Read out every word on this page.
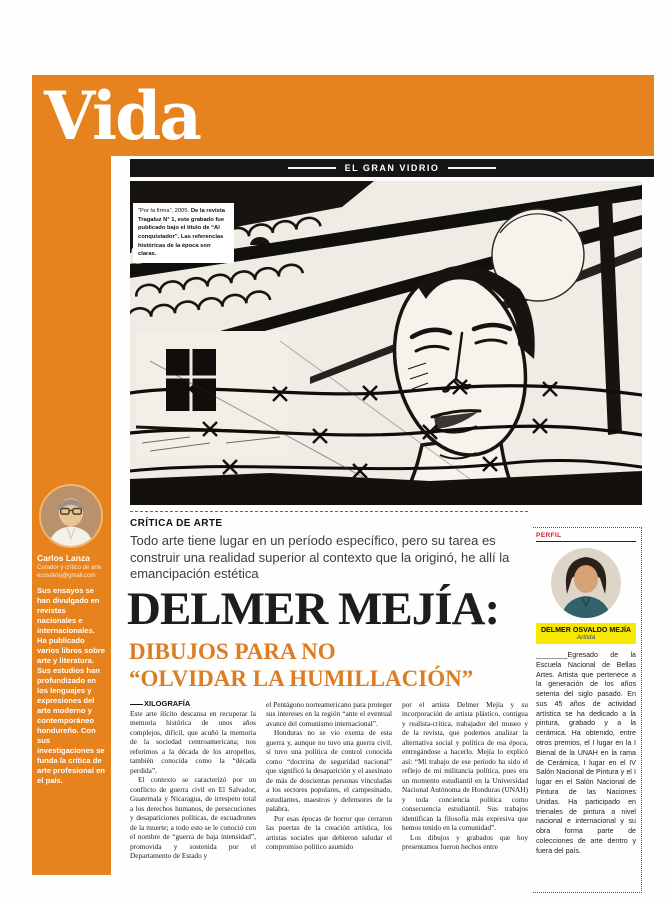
Vida
EL GRAN VIDRIO
“Por la firma”, 2005. De la revista Tragaluz N° 1, este grabado fue publicado bajo el título de “Al conquistador”. Las referencias históricas de la época son claras.
Carlos Lanza
Curador y crítico de arte
ecosdelsj@gmail.com
Sus ensayos se han divulgado en revistas nacionales e internacionales. Ha publicado varios libros sobre arte y literatura. Sus estudios han profundizado en los lenguajes y expresiones del arte moderno y contemporáneo hondureño. Con sus investigaciones se funda la crítica de arte profesional en el país.
CRÍTICA DE ARTE
Todo arte tiene lugar en un período específico, pero su tarea es construir una realidad superior al contexto que la originó, he allí la emancipación estética
DELMER MEJÍA:
DIBUJOS PARA NO
“OLVIDAR LA HUMILLACIÓN”
XILOGRAFÍA

Este arte ilícito descansa en recuperar la memoria histórica de unos años complejos, difícil, que acuñó la memoria de la sociedad centroamericana; nos referimos a la década de los atropellos, también conocida como la “década perdida”.

El contexto se caracterizó por un conflicto de guerra civil en El Salvador, Guatemala y Nicaragua, de irrespeto total a los derechos humanos, de persecuciones y desapariciones políticas, de escuadrones de la muerte; a todo esto se le conoció con el nombre de “guerra de baja intensidad”, promovida y sostenida por el Departamento de Estado y

el Pentágono norteamericano para proteger sus intereses en la región “ante el eventual avance del comunismo internacional”.

Honduras no se vio exenta de esta guerra y, aunque no tuvo una guerra civil, sí tuvo una política de control conocida como “doctrina de seguridad nacional” que significó la desaparición y el asesinato de más de doscientas personas vinculadas a los sectores populares, el campesinado, estudiantes, maestros y defensores de la palabra.

Por esas épocas de horror que cerraron las puertas de la creación artística, los artistas sociales que debieron saludar el compromiso político asumido

por el artista Delmer Mejía y su incorporación de artista plástico, contigua y realista-crítica, trabajador del museo y de la revista, que podemos analizar la alternativa social y política de esa época, entregándose a hacerlo. Mejía lo explicó así: “Mi trabajo de ese período ha sido el reflejo de mi militancia política, pues era un momento estudiantil en la Universidad Nacional Autónoma de Honduras (UNAH) y toda conciencia política como consecuencia estudiantil. Sus trabajos identifican la filosofía más expresiva que hemos tenido en la comunidad”.

Los dibujos y grabados que hoy presentamos fueron hechos entre

PERFIL
DELMER OSVALDO MEJÍA
Artista
________Egresado de la Escuela Nacional de Bellas Artes. Artista que pertenece a la generación de los años setenta del siglo pasado. En sus 45 años de actividad artística se ha dedicado a la pintura, grabado y a la cerámica. Ha obtenido, entre otros premios, el I lugar en la I Bienal de la UNAH en la rama de Cerámica, I lugar en el IV Salón Nacional de Pintura y el I lugar en el Salón Nacional de Pintura de las Naciones Unidas. Ha participado en trienales de pintura a nivel nacional e internacional y su obra forma parte de colecciones de arte dentro y fuera del país.
